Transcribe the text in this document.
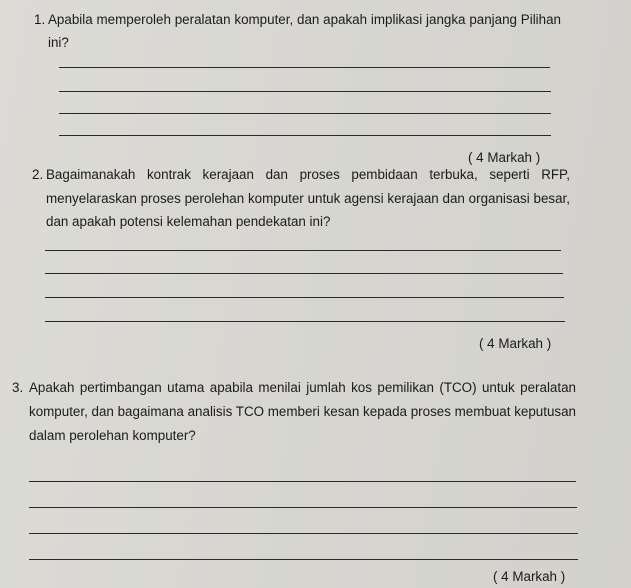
1. Apabila memperoleh peralatan komputer, dan apakah implikasi jangka panjang Pilihan ini?
( 4 Markah )
2. Bagaimanakah kontrak kerajaan dan proses pembidaan terbuka, seperti RFP, menyelaraskan proses perolehan komputer untuk agensi kerajaan dan organisasi besar, dan apakah potensi kelemahan pendekatan ini?
( 4 Markah )
3. Apakah pertimbangan utama apabila menilai jumlah kos pemilikan (TCO) untuk peralatan komputer, dan bagaimana analisis TCO memberi kesan kepada proses membuat keputusan dalam perolehan komputer?
( 4 Markah )
